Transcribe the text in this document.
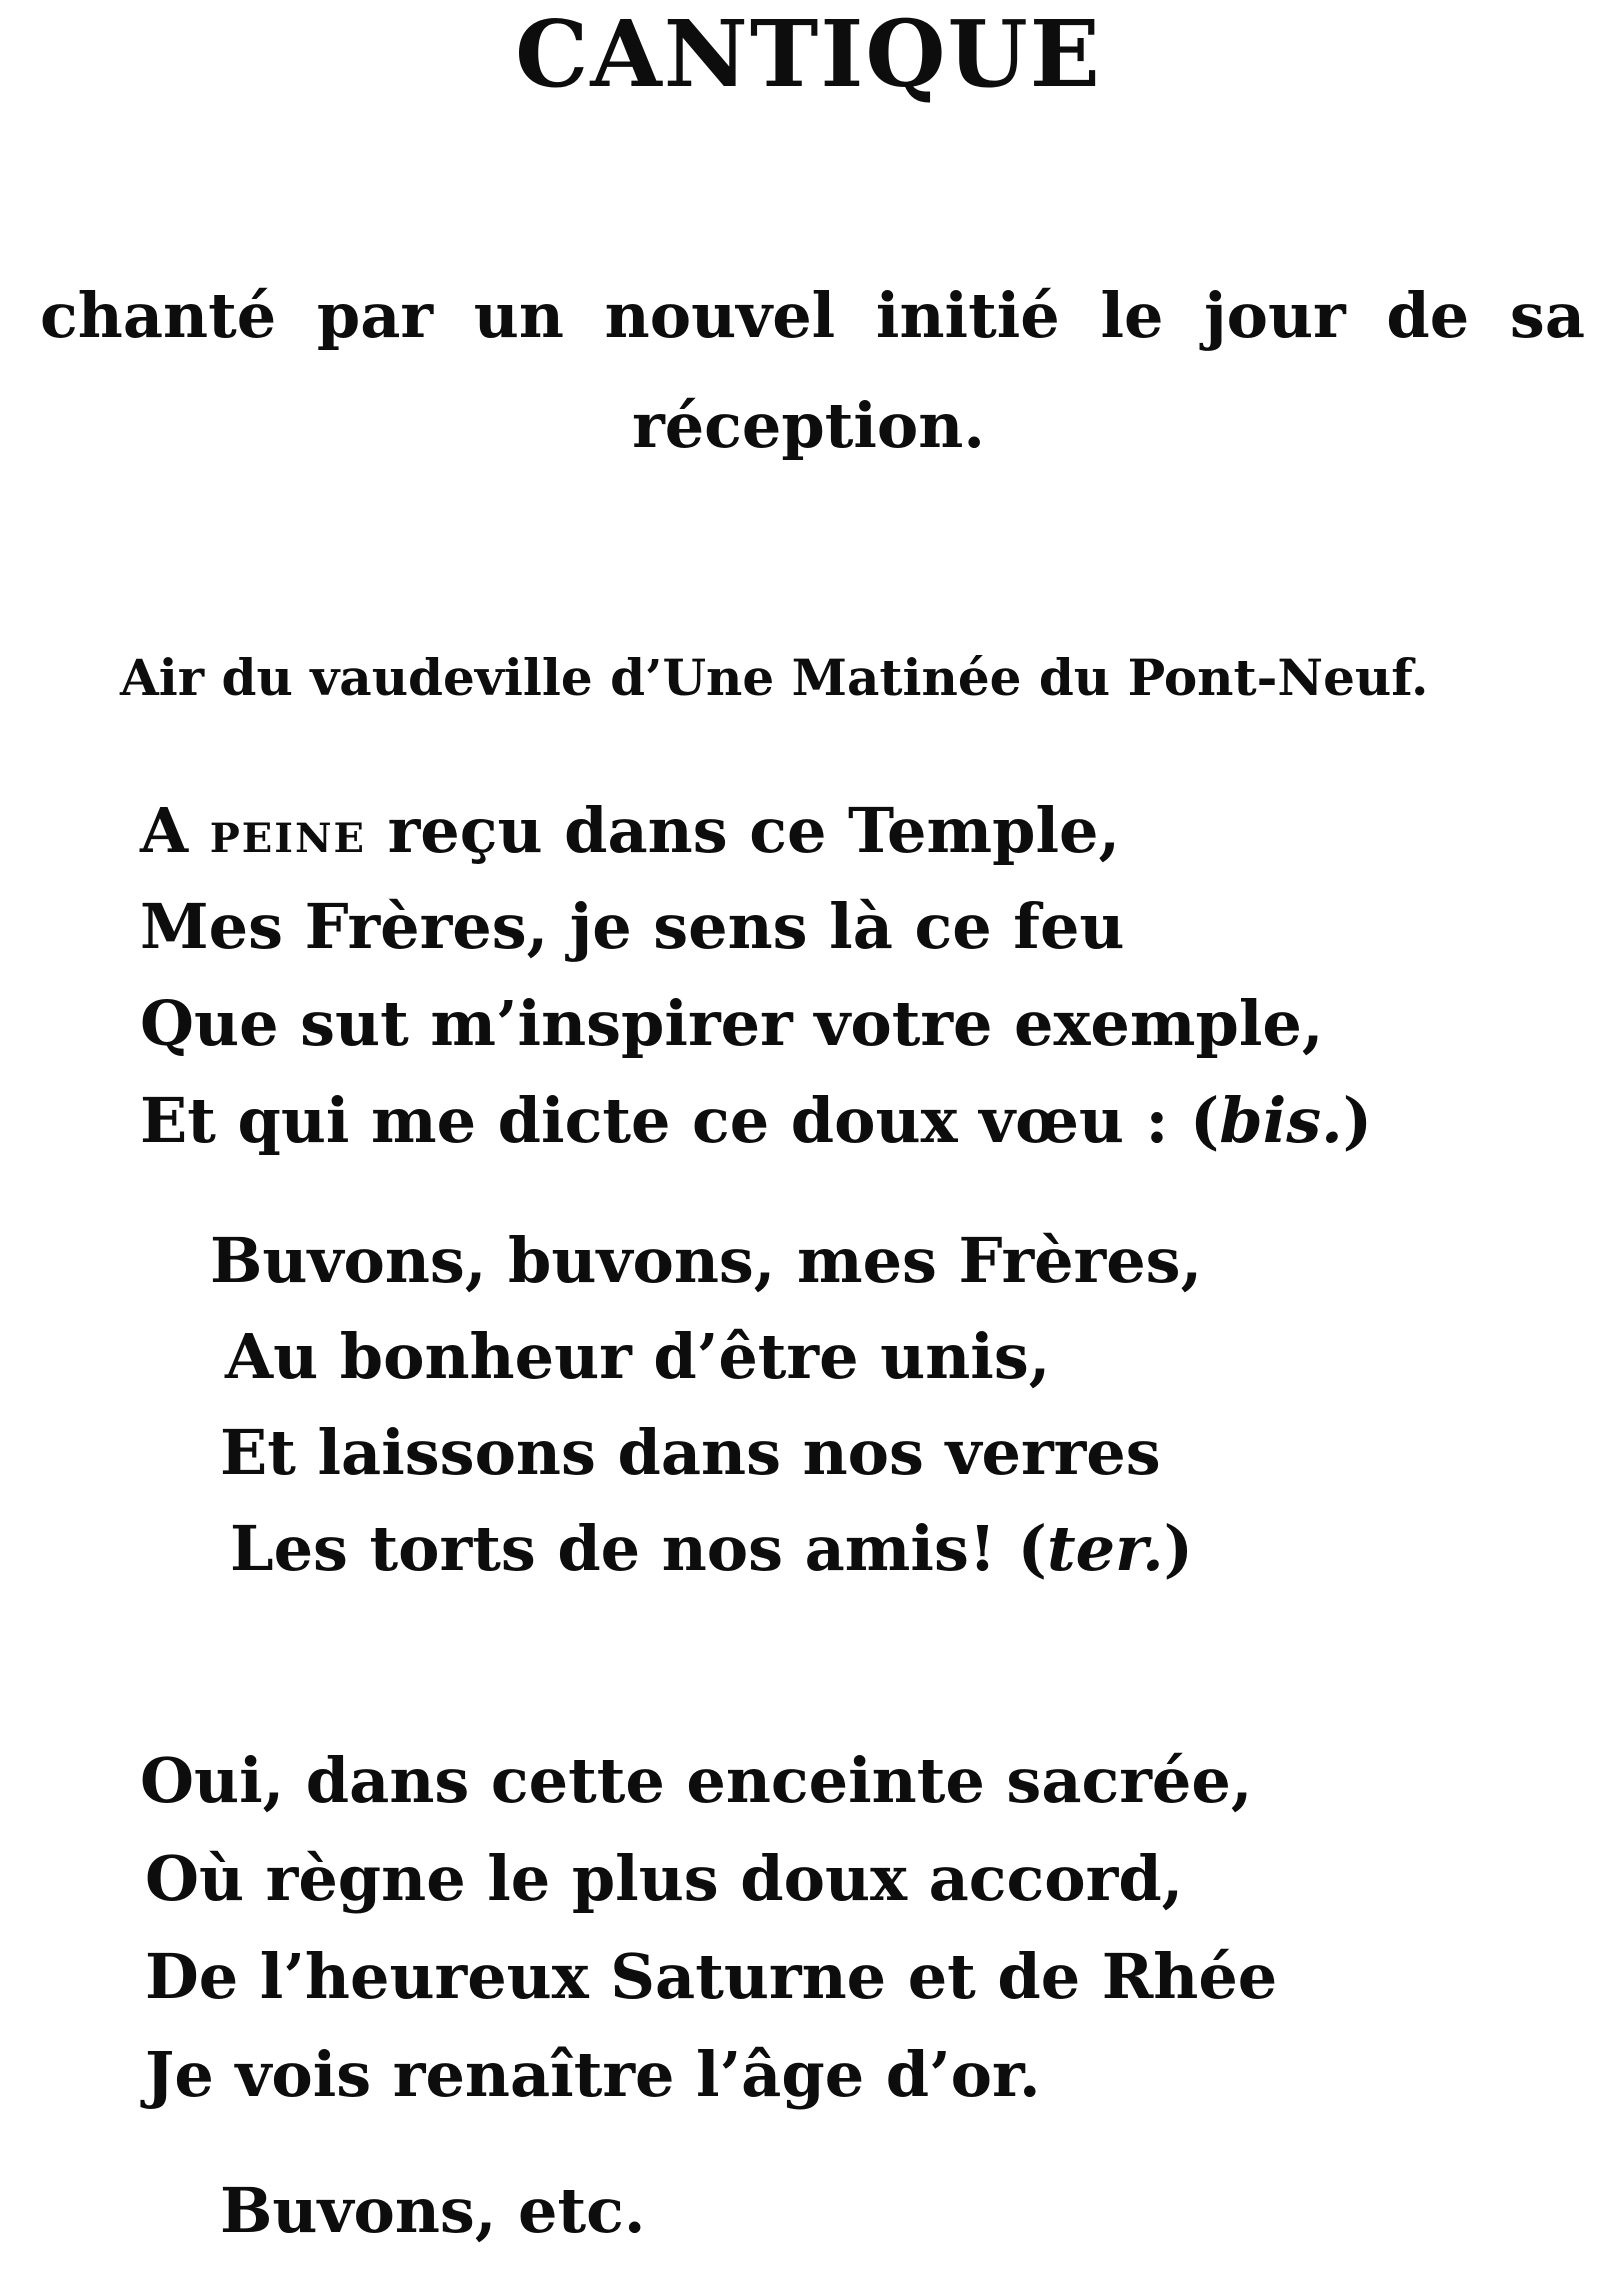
CANTIQUE
chanté par un nouvel initié le jour de sa
réception.
Air du vaudeville d’Une Matinée du Pont-Neuf.
A PEINE reçu dans ce Temple,
Mes Frères, je sens là ce feu
Que sut m’inspirer votre exemple,
Et qui me dicte ce doux vœu : (bis.)
Buvons, buvons, mes Frères,
Au bonheur d’être unis,
Et laissons dans nos verres
Les torts de nos amis! (ter.)
Oui, dans cette enceinte sacrée,
Où règne le plus doux accord,
De l’heureux Saturne et de Rhée
Je vois renaître l’âge d’or.
Buvons, etc.
